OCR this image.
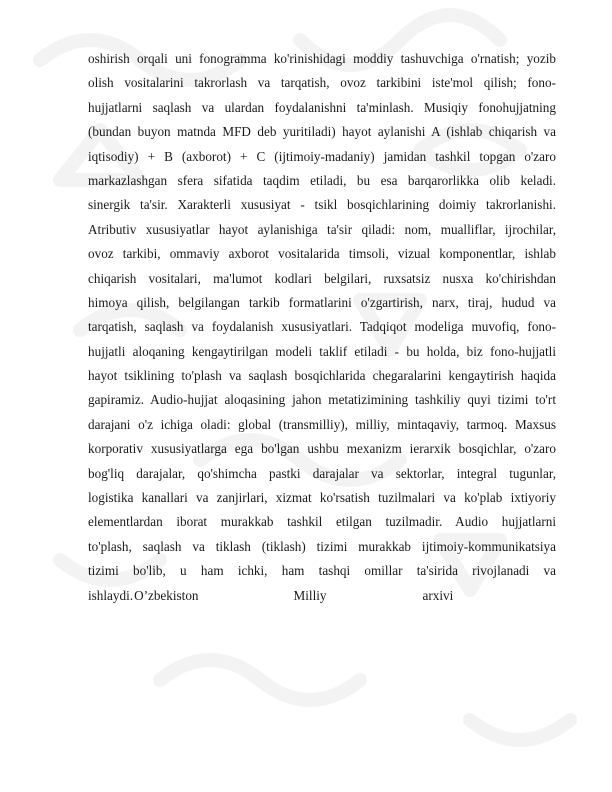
oshirish orqali uni fonogramma ko'rinishidagi moddiy tashuvchiga o'rnatish; yozib
olish vositalarini takrorlash va tarqatish, ovoz tarkibini iste'mol qilish; fono-
hujjatlarni saqlash va ulardan foydalanishni ta'minlash. Musiqiy fonohujjatning
(bundan buyon matnda MFD deb yuritiladi) hayot aylanishi A (ishlab chiqarish va
iqtisodiy) + B (axborot) + C (ijtimoiy-madaniy) jamidan tashkil topgan o'zaro
markazlashgan sfera sifatida taqdim etiladi, bu esa barqarorlikka olib keladi.
sinergik ta'sir. Xarakterli xususiyat - tsikl bosqichlarining doimiy takrorlanishi.
Atributiv xususiyatlar hayot aylanishiga ta'sir qiladi: nom, mualliflar, ijrochilar,
ovoz tarkibi, ommaviy axborot vositalarida timsoli, vizual komponentlar, ishlab
chiqarish vositalari, ma'lumot kodlari belgilari, ruxsatsiz nusxa ko'chirishdan
himoya qilish, belgilangan tarkib formatlarini o'zgartirish, narx, tiraj, hudud va
tarqatish, saqlash va foydalanish xususiyatlari. Tadqiqot modeliga muvofiq, fono-
hujjatli aloqaning kengaytirilgan modeli taklif etiladi - bu holda, biz fono-hujjatli
hayot tsiklining to'plash va saqlash bosqichlarida chegaralarini kengaytirish haqida
gapiramiz. Audio-hujjat aloqasining jahon metatizimining tashkiliy quyi tizimi to'rt
darajani o'z ichiga oladi: global (transmilliy), milliy, mintaqaviy, tarmoq. Maxsus
korporativ xususiyatlarga ega bo'lgan ushbu mexanizm ierarxik bosqichlar, o'zaro
bog'liq darajalar, qo'shimcha pastki darajalar va sektorlar, integral tugunlar,
logistika kanallari va zanjirlari, xizmat ko'rsatish tuzilmalari va ko'plab ixtiyoriy
elementlardan iborat murakkab tashkil etilgan tuzilmadir. Audio hujjatlarni
to'plash, saqlash va tiklash (tiklash) tizimi murakkab ijtimoiy-kommunikatsiya
tizimi bo'lib, u ham ichki, ham tashqi omillar ta'sirida rivojlanadi va
ishlaydi.O’zbekiston	Milliy	arxivi
